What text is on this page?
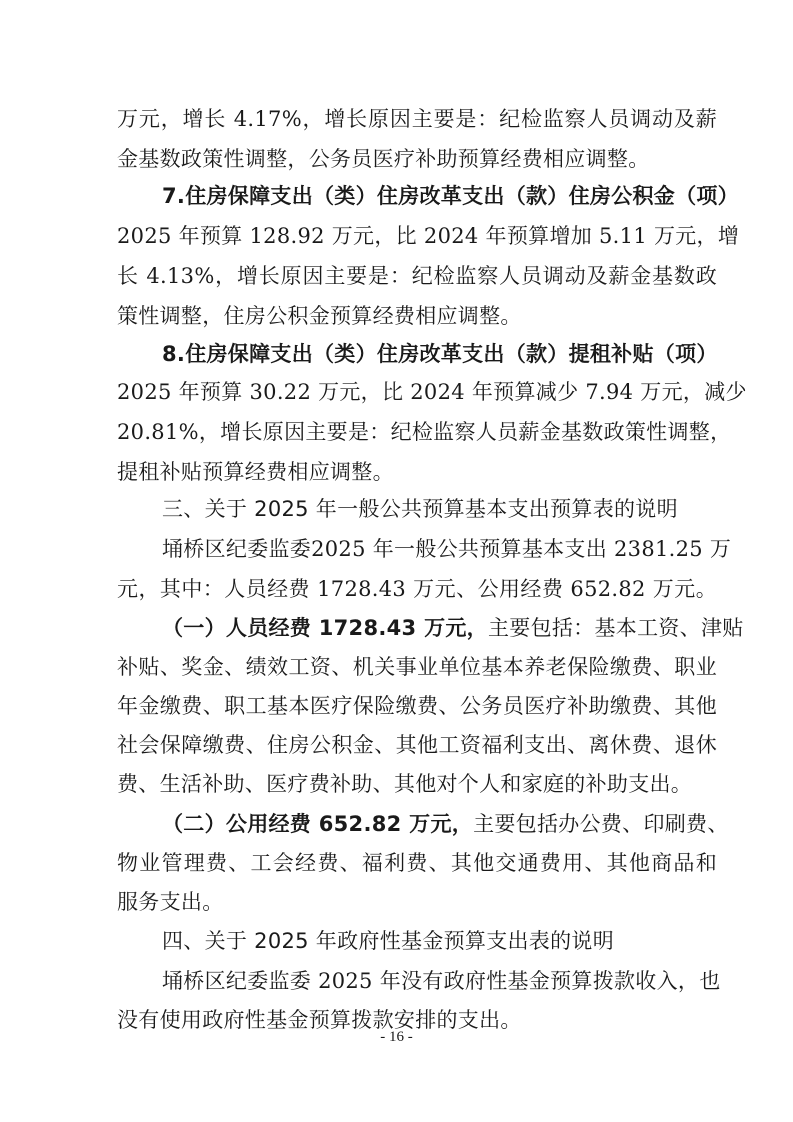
万元，增长 4.17%，增长原因主要是：纪检监察人员调动及薪
金基数政策性调整，公务员医疗补助预算经费相应调整。
7.住房保障支出（类）住房改革支出（款）住房公积金（项）
2025 年预算 128.92 万元，比 2024 年预算增加 5.11 万元，增
长 4.13%，增长原因主要是：纪检监察人员调动及薪金基数政
策性调整，住房公积金预算经费相应调整。
8.住房保障支出（类）住房改革支出（款）提租补贴（项）
2025 年预算 30.22 万元，比 2024 年预算减少 7.94 万元，减少
20.81%，增长原因主要是：纪检监察人员薪金基数政策性调整，
提租补贴预算经费相应调整。
三、关于 2025 年一般公共预算基本支出预算表的说明
埇桥区纪委监委2025 年一般公共预算基本支出 2381.25 万
元，其中：人员经费 1728.43 万元、公用经费 652.82 万元。
（一）人员经费 1728.43 万元，主要包括：基本工资、津贴
补贴、奖金、绩效工资、机关事业单位基本养老保险缴费、职业
年金缴费、职工基本医疗保险缴费、公务员医疗补助缴费、其他
社会保障缴费、住房公积金、其他工资福利支出、离休费、退休
费、生活补助、医疗费补助、其他对个人和家庭的补助支出。
（二）公用经费 652.82 万元，主要包括办公费、印刷费、
物业管理费、工会经费、福利费、其他交通费用、其他商品和
服务支出。
四、关于 2025 年政府性基金预算支出表的说明
埇桥区纪委监委 2025 年没有政府性基金预算拨款收入，也
没有使用政府性基金预算拨款安排的支出。
- 16 -
